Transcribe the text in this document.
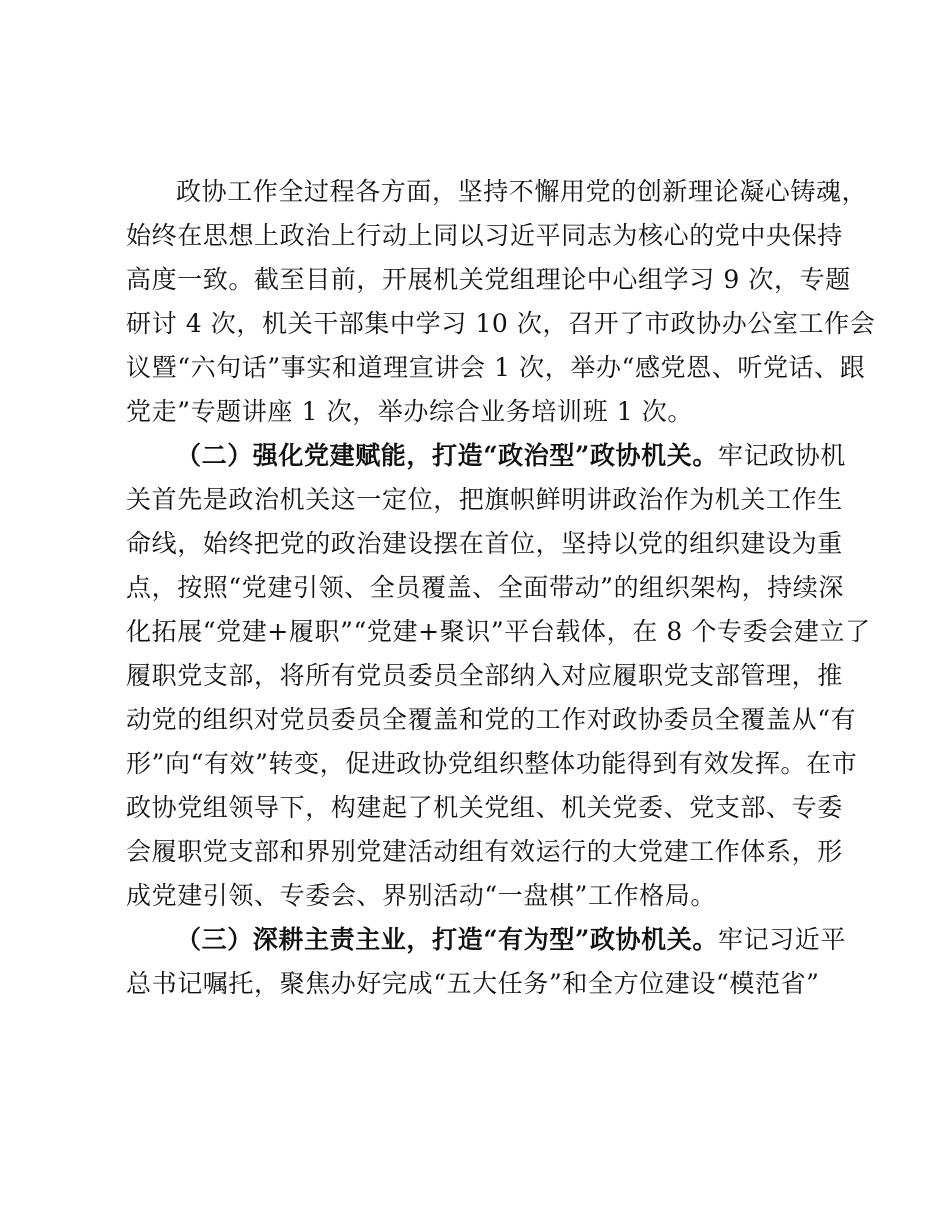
政协工作全过程各方面，坚持不懈用党的创新理论凝心铸魂，
始终在思想上政治上行动上同以习近平同志为核心的党中央保持
高度一致。截至目前，开展机关党组理论中心组学习 9 次，专题
研讨 4 次，机关干部集中学习 10 次，召开了市政协办公室工作会
议暨“六句话”事实和道理宣讲会 1 次，举办“感党恩、听党话、跟
党走”专题讲座 1 次，举办综合业务培训班 1 次。
（二）强化党建赋能，打造“政治型”政协机关。牢记政协机
关首先是政治机关这一定位，把旗帜鲜明讲政治作为机关工作生
命线，始终把党的政治建设摆在首位，坚持以党的组织建设为重
点，按照“党建引领、全员覆盖、全面带动”的组织架构，持续深
化拓展“党建+履职”“党建+聚识”平台载体，在 8 个专委会建立了
履职党支部，将所有党员委员全部纳入对应履职党支部管理，推
动党的组织对党员委员全覆盖和党的工作对政协委员全覆盖从“有
形”向“有效”转变，促进政协党组织整体功能得到有效发挥。在市
政协党组领导下，构建起了机关党组、机关党委、党支部、专委
会履职党支部和界别党建活动组有效运行的大党建工作体系，形
成党建引领、专委会、界别活动“一盘棋”工作格局。
（三）深耕主责主业，打造“有为型”政协机关。牢记习近平
总书记嘱托，聚焦办好完成“五大任务”和全方位建设“模范省”
